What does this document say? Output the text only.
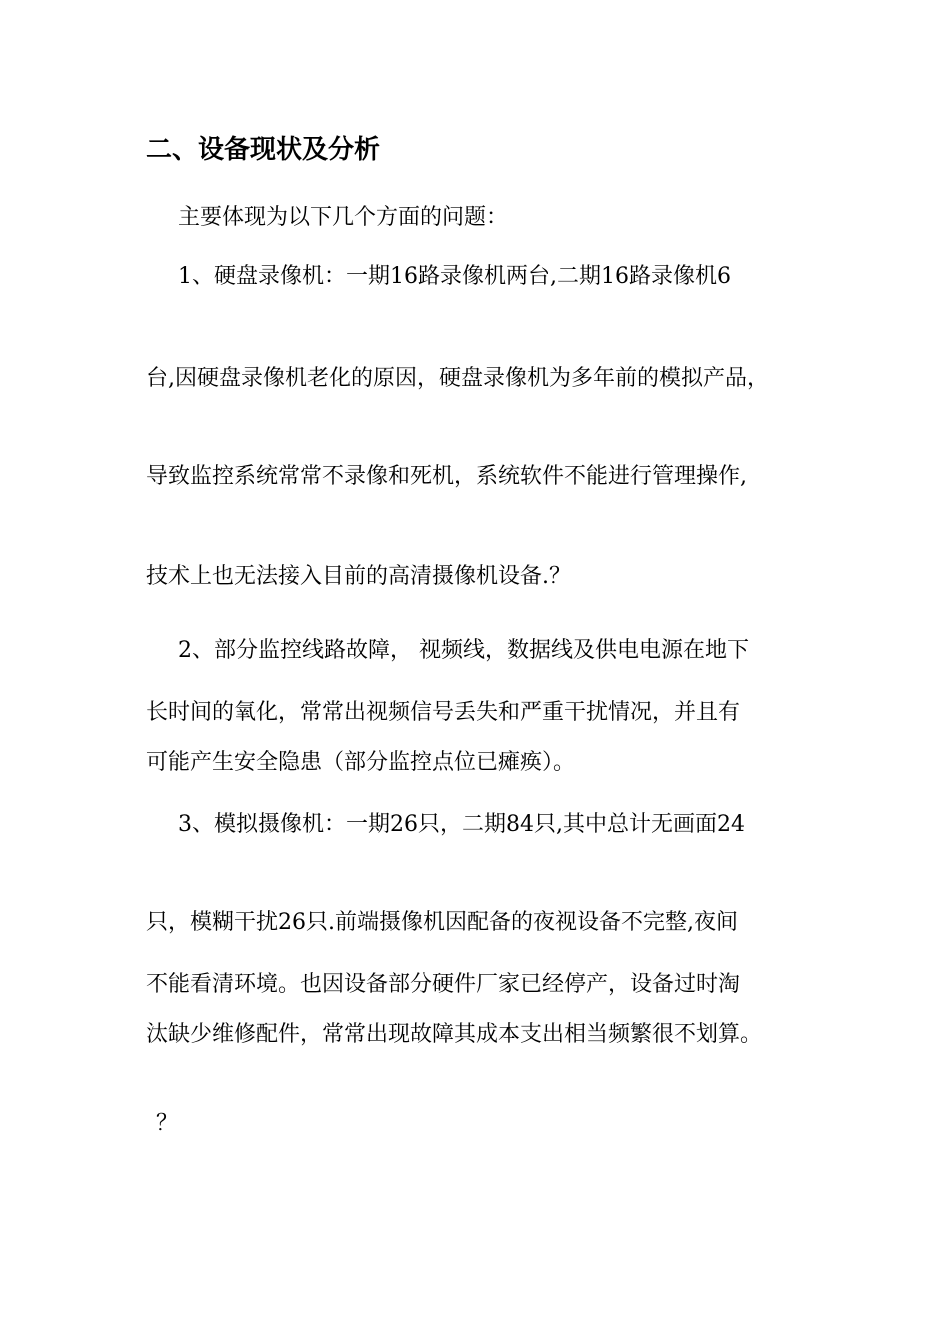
二、设备现状及分析
主要体现为以下几个方面的问题：
1、硬盘录像机：一期16路录像机两台,二期16路录像机6
台,因硬盘录像机老化的原因，硬盘录像机为多年前的模拟产品，
导致监控系统常常不录像和死机，系统软件不能进行管理操作,
技术上也无法接入目前的高清摄像机设备.？
2、部分监控线路故障， 视频线，数据线及供电电源在地下
长时间的氧化，常常出视频信号丢失和严重干扰情况，并且有
可能产生安全隐患（部分监控点位已瘫痪）。
3、模拟摄像机：一期26只，二期84只,其中总计无画面24
只，模糊干扰26只.前端摄像机因配备的夜视设备不完整,夜间
不能看清环境。也因设备部分硬件厂家已经停产，设备过时淘
汰缺少维修配件，常常出现故障其成本支出相当频繁很不划算。
？
